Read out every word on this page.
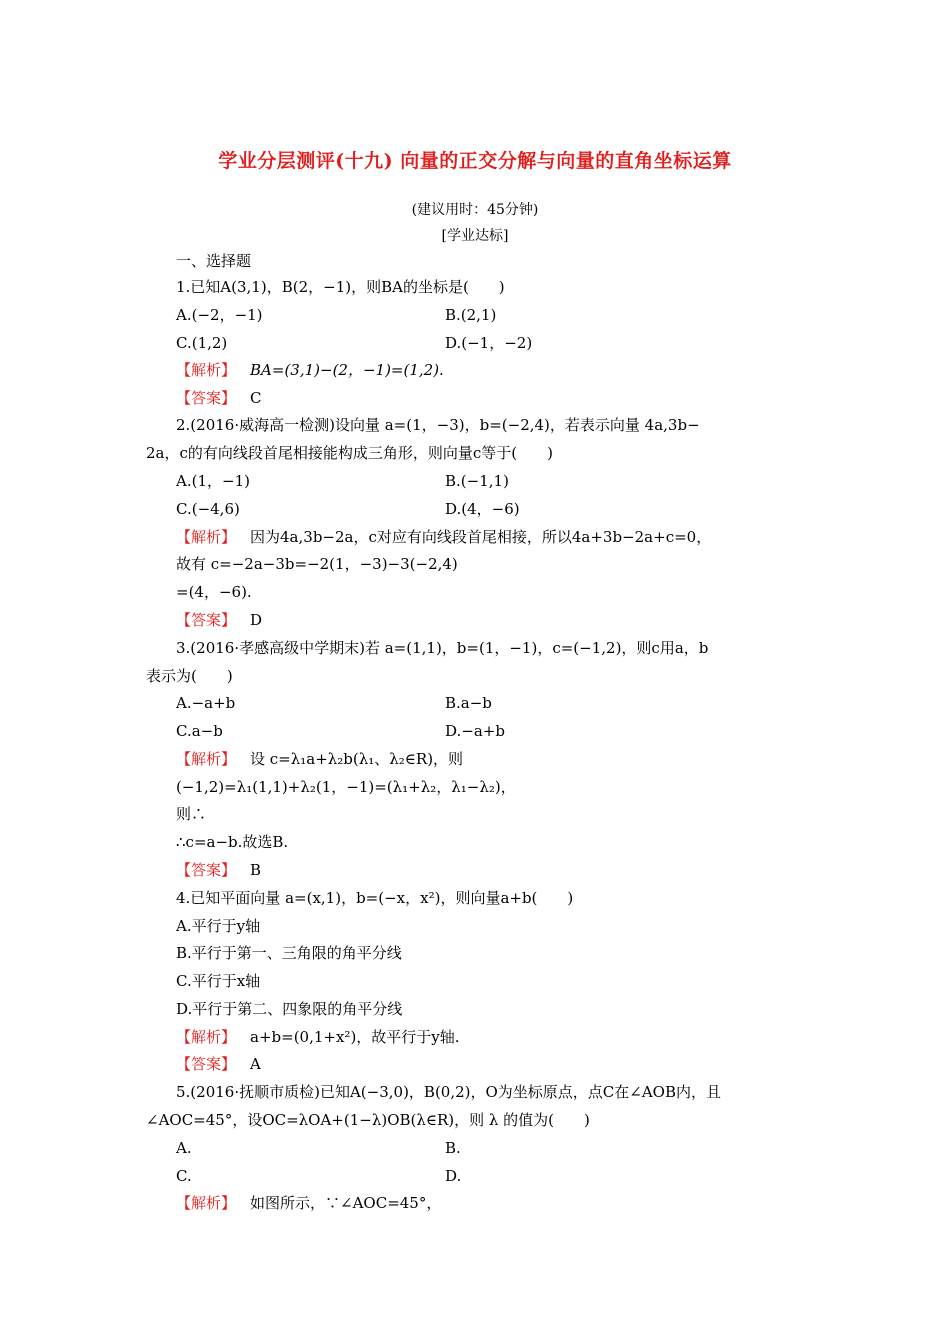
学业分层测评(十九) 向量的正交分解与向量的直角坐标运算
(建议用时：45分钟)
[学业达标]
一、选择题
1.已知A(3,1)，B(2，−1)，则BA的坐标是(　　)
A.(−2，−1)	B.(2,1)
C.(1,2)	D.(−1，−2)
【解析】 BA=(3,1)−(2，−1)=(1,2).
【答案】 C
2.(2016·威海高一检测)设向量 a=(1，−3)，b=(−2,4)，若表示向量 4a,3b−
2a，c的有向线段首尾相接能构成三角形，则向量c等于(　　)
A.(1，−1)	B.(−1,1)
C.(−4,6)	D.(4，−6)
【解析】 因为4a,3b−2a，c对应有向线段首尾相接，所以4a+3b−2a+c=0，
故有 c=−2a−3b=−2(1，−3)−3(−2,4)
=(4，−6).
【答案】 D
3.(2016·孝感高级中学期末)若 a=(1,1)，b=(1，−1)，c=(−1,2)，则c用a，b
表示为(　　)
A.−a+b	B.a−b
C.a−b	D.−a+b
【解析】 设 c=λ₁a+λ₂b(λ₁、λ₂∈R)，则
(−1,2)=λ₁(1,1)+λ₂(1，−1)=(λ₁+λ₂，λ₁−λ₂)，
则∴
∴c=a−b.故选B.
【答案】 B
4.已知平面向量 a=(x,1)，b=(−x，x²)，则向量a+b(　　)
A.平行于y轴
B.平行于第一、三角限的角平分线
C.平行于x轴
D.平行于第二、四象限的角平分线
【解析】 a+b=(0,1+x²)，故平行于y轴.
【答案】 A
5.(2016·抚顺市质检)已知A(−3,0)，B(0,2)，O为坐标原点，点C在∠AOB内，且
∠AOC=45°，设OC=λOA+(1−λ)OB(λ∈R)，则 λ 的值为(　　)
A.	B.
C.	D.
【解析】 如图所示，∵∠AOC=45°，
